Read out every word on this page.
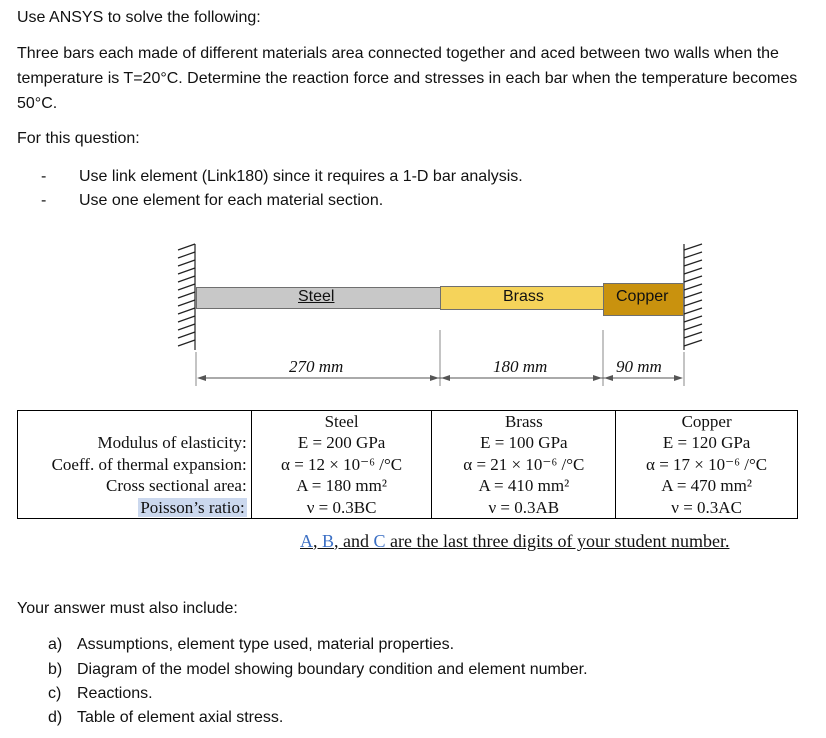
Use ANSYS to solve the following:

Three bars each made of different materials area connected together and aced between two walls when the temperature is T=20°C. Determine the reaction force and stresses in each bar when the temperature becomes 50°C.

For this question:

- Use link element (Link180) since it requires a 1-D bar analysis.
- Use one element for each material section.
Steel	Brass	Copper
270 mm	180 mm	90 mm
	Steel	Brass	Copper
Modulus of elasticity:	E = 200 GPa	E = 100 GPa	E = 120 GPa
Coeff. of thermal expansion:	α = 12 × 10⁻⁶ /°C	α = 21 × 10⁻⁶ /°C	α = 17 × 10⁻⁶ /°C
Cross sectional area:	A = 180 mm²	A = 410 mm²	A = 470 mm²
Poisson’s ratio:	ν = 0.3BC	ν = 0.3AB	ν = 0.3AC
A, B, and C are the last three digits of your student number.

Your answer must also include:

a) Assumptions, element type used, material properties.
b) Diagram of the model showing boundary condition and element number.
c) Reactions.
d) Table of element axial stress.
